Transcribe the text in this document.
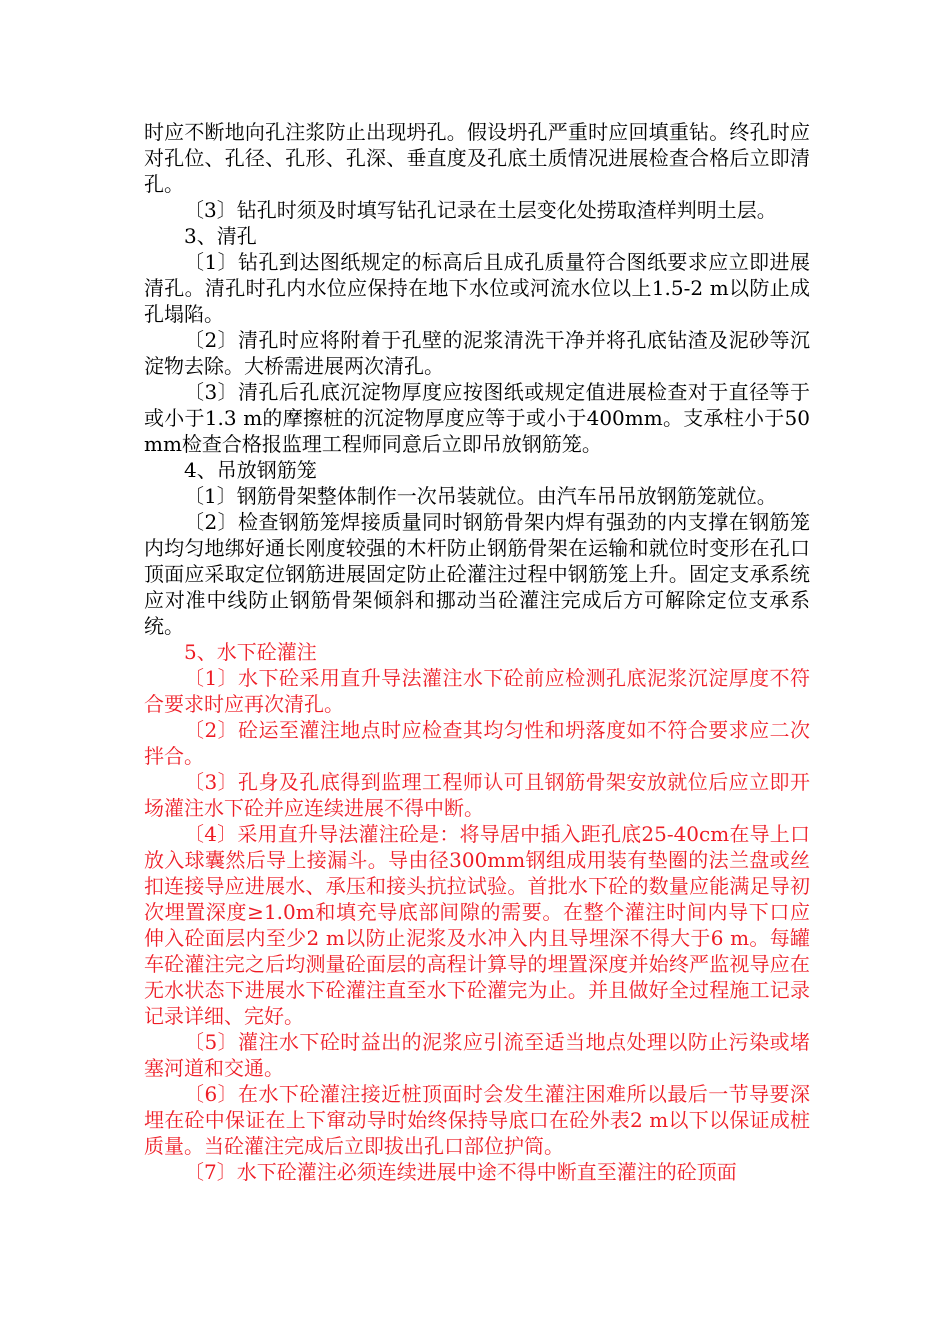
时应不断地向孔注浆防止出现坍孔。假设坍孔严重时应回填重钻。终孔时应对孔位、孔径、孔形、孔深、垂直度及孔底土质情况进展检查合格后立即清孔。

〔3〕钻孔时须及时填写钻孔记录在土层变化处捞取渣样判明土层。

3、清孔

〔1〕钻孔到达图纸规定的标高后且成孔质量符合图纸要求应立即进展清孔。清孔时孔内水位应保持在地下水位或河流水位以上1.5-2 m以防止成孔塌陷。

〔2〕清孔时应将附着于孔壁的泥浆清洗干净并将孔底钻渣及泥砂等沉淀物去除。大桥需进展两次清孔。

〔3〕清孔后孔底沉淀物厚度应按图纸或规定值进展检查对于直径等于或小于1.3 m的摩擦桩的沉淀物厚度应等于或小于400mm。支承柱小于50mm检查合格报监理工程师同意后立即吊放钢筋笼。

4、吊放钢筋笼

〔1〕钢筋骨架整体制作一次吊装就位。由汽车吊吊放钢筋笼就位。

〔2〕检查钢筋笼焊接质量同时钢筋骨架内焊有强劲的内支撑在钢筋笼内均匀地绑好通长刚度较强的木杆防止钢筋骨架在运输和就位时变形在孔口顶面应采取定位钢筋进展固定防止砼灌注过程中钢筋笼上升。固定支承系统应对准中线防止钢筋骨架倾斜和挪动当砼灌注完成后方可解除定位支承系统。

5、水下砼灌注

〔1〕水下砼采用直升导法灌注水下砼前应检测孔底泥浆沉淀厚度不符合要求时应再次清孔。

〔2〕砼运至灌注地点时应检查其均匀性和坍落度如不符合要求应二次拌合。

〔3〕孔身及孔底得到监理工程师认可且钢筋骨架安放就位后应立即开场灌注水下砼并应连续进展不得中断。

〔4〕采用直升导法灌注砼是：将导居中插入距孔底25-40cm在导上口放入球囊然后导上接漏斗。导由径300mm钢组成用装有垫圈的法兰盘或丝扣连接导应进展水、承压和接头抗拉试验。首批水下砼的数量应能满足导初次埋置深度≥1.0m和填充导底部间隙的需要。在整个灌注时间内导下口应伸入砼面层内至少2 m以防止泥浆及水冲入内且导埋深不得大于6 m。每罐车砼灌注完之后均测量砼面层的高程计算导的埋置深度并始终严监视导应在无水状态下进展水下砼灌注直至水下砼灌完为止。并且做好全过程施工记录记录详细、完好。

〔5〕灌注水下砼时益出的泥浆应引流至适当地点处理以防止污染或堵塞河道和交通。

〔6〕在水下砼灌注接近桩顶面时会发生灌注困难所以最后一节导要深埋在砼中保证在上下窜动导时始终保持导底口在砼外表2 m以下以保证成桩质量。当砼灌注完成后立即拔出孔口部位护筒。

〔7〕水下砼灌注必须连续进展中途不得中断直至灌注的砼顶面
